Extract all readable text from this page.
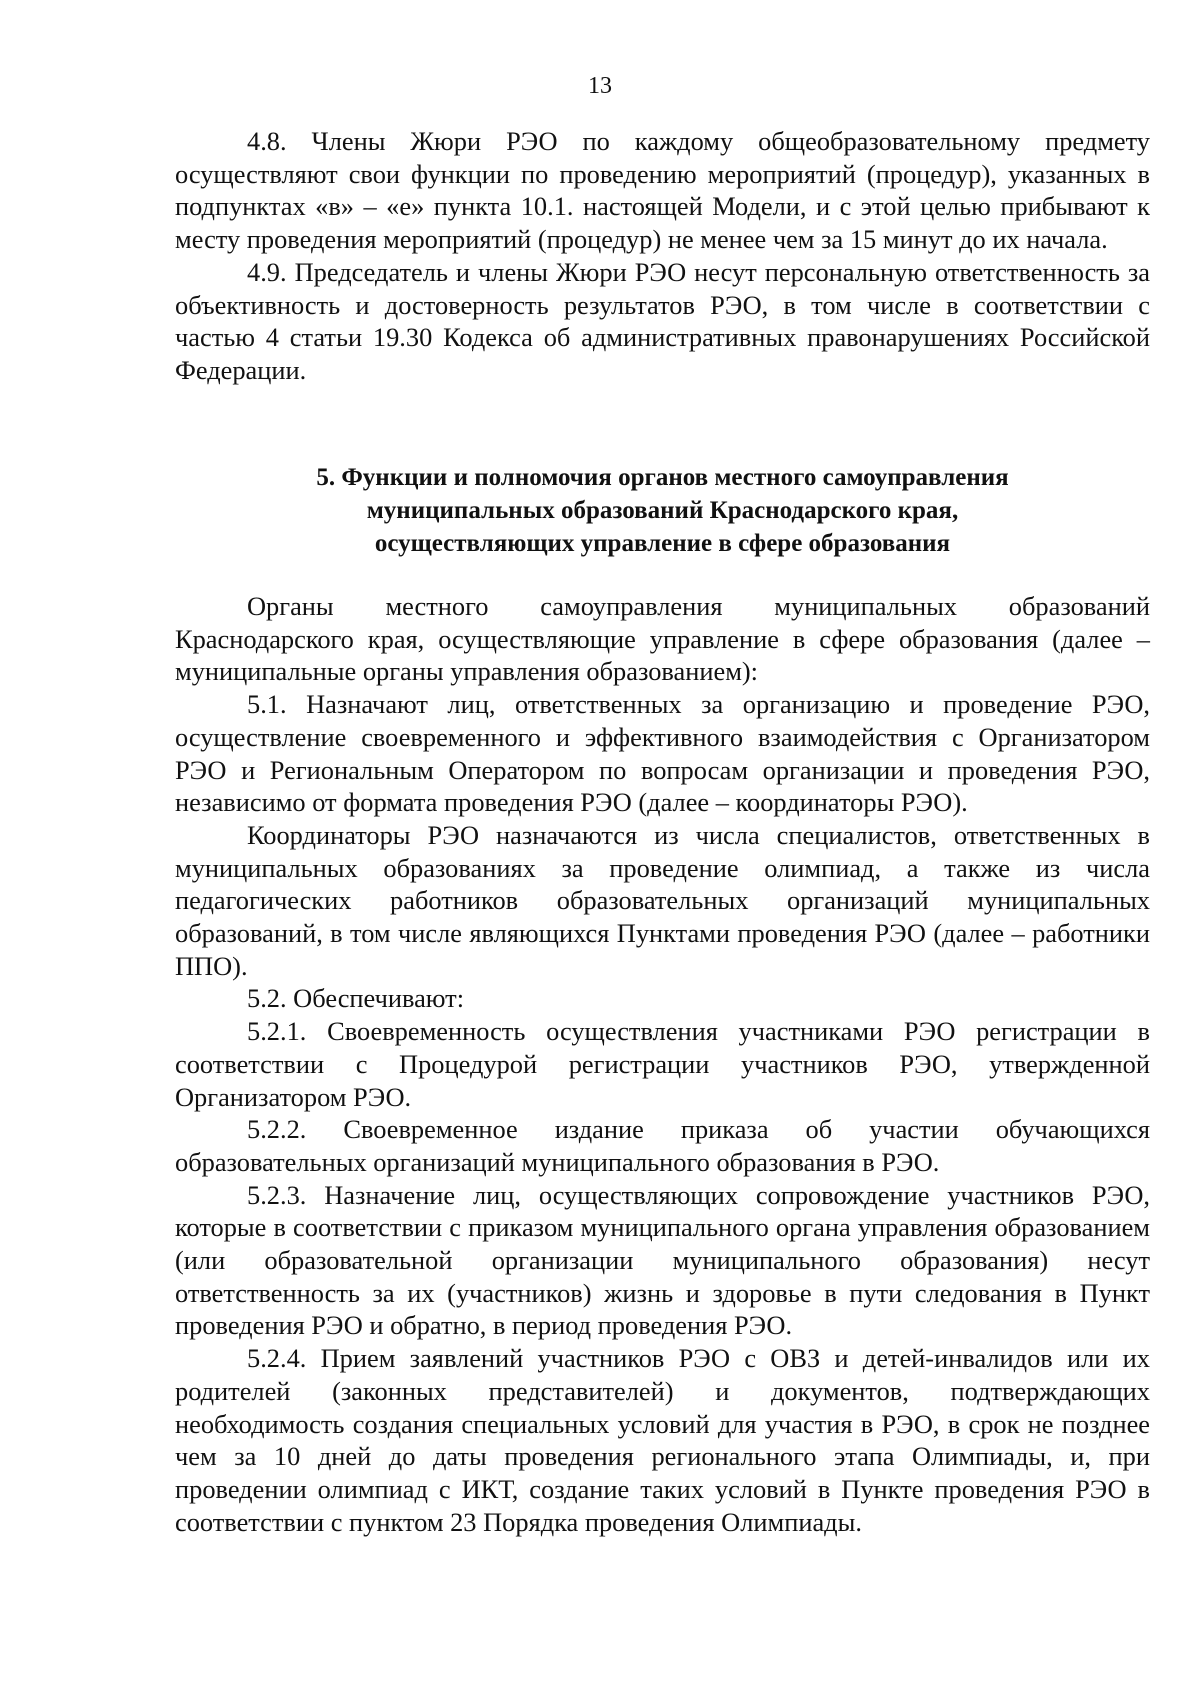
13

4.8. Члены Жюри РЭО по каждому общеобразовательному предмету осуществляют свои функции по проведению мероприятий (процедур), указанных в подпунктах «в» – «е» пункта 10.1. настоящей Модели, и с этой целью прибывают к месту проведения мероприятий (процедур) не менее чем за 15 минут до их начала.

4.9. Председатель и члены Жюри РЭО несут персональную ответственность за объективность и достоверность результатов РЭО, в том числе в соответствии с частью 4 статьи 19.30 Кодекса об административных правонарушениях Российской Федерации.

5. Функции и полномочия органов местного самоуправления
муниципальных образований Краснодарского края,
осуществляющих управление в сфере образования

Органы местного самоуправления муниципальных образований Краснодарского края, осуществляющие управление в сфере образования (далее – муниципальные органы управления образованием):

5.1. Назначают лиц, ответственных за организацию и проведение РЭО, осуществление своевременного и эффективного взаимодействия с Организатором РЭО и Региональным Оператором по вопросам организации и проведения РЭО, независимо от формата проведения РЭО (далее – координаторы РЭО).

Координаторы РЭО назначаются из числа специалистов, ответственных в муниципальных образованиях за проведение олимпиад, а также из числа педагогических работников образовательных организаций муниципальных образований, в том числе являющихся Пунктами проведения РЭО (далее – работники ППО).

5.2. Обеспечивают:

5.2.1. Своевременность осуществления участниками РЭО регистрации в соответствии с Процедурой регистрации участников РЭО, утвержденной Организатором РЭО.

5.2.2. Своевременное издание приказа об участии обучающихся образовательных организаций муниципального образования в РЭО.

5.2.3. Назначение лиц, осуществляющих сопровождение участников РЭО, которые в соответствии с приказом муниципального органа управления образованием (или образовательной организации муниципального образования) несут ответственность за их (участников) жизнь и здоровье в пути следования в Пункт проведения РЭО и обратно, в период проведения РЭО.

5.2.4. Прием заявлений участников РЭО с ОВЗ и детей-инвалидов или их родителей (законных представителей) и документов, подтверждающих необходимость создания специальных условий для участия в РЭО, в срок не позднее чем за 10 дней до даты проведения регионального этапа Олимпиады, и, при проведении олимпиад с ИКТ, создание таких условий в Пункте проведения РЭО в соответствии с пунктом 23 Порядка проведения Олимпиады.
